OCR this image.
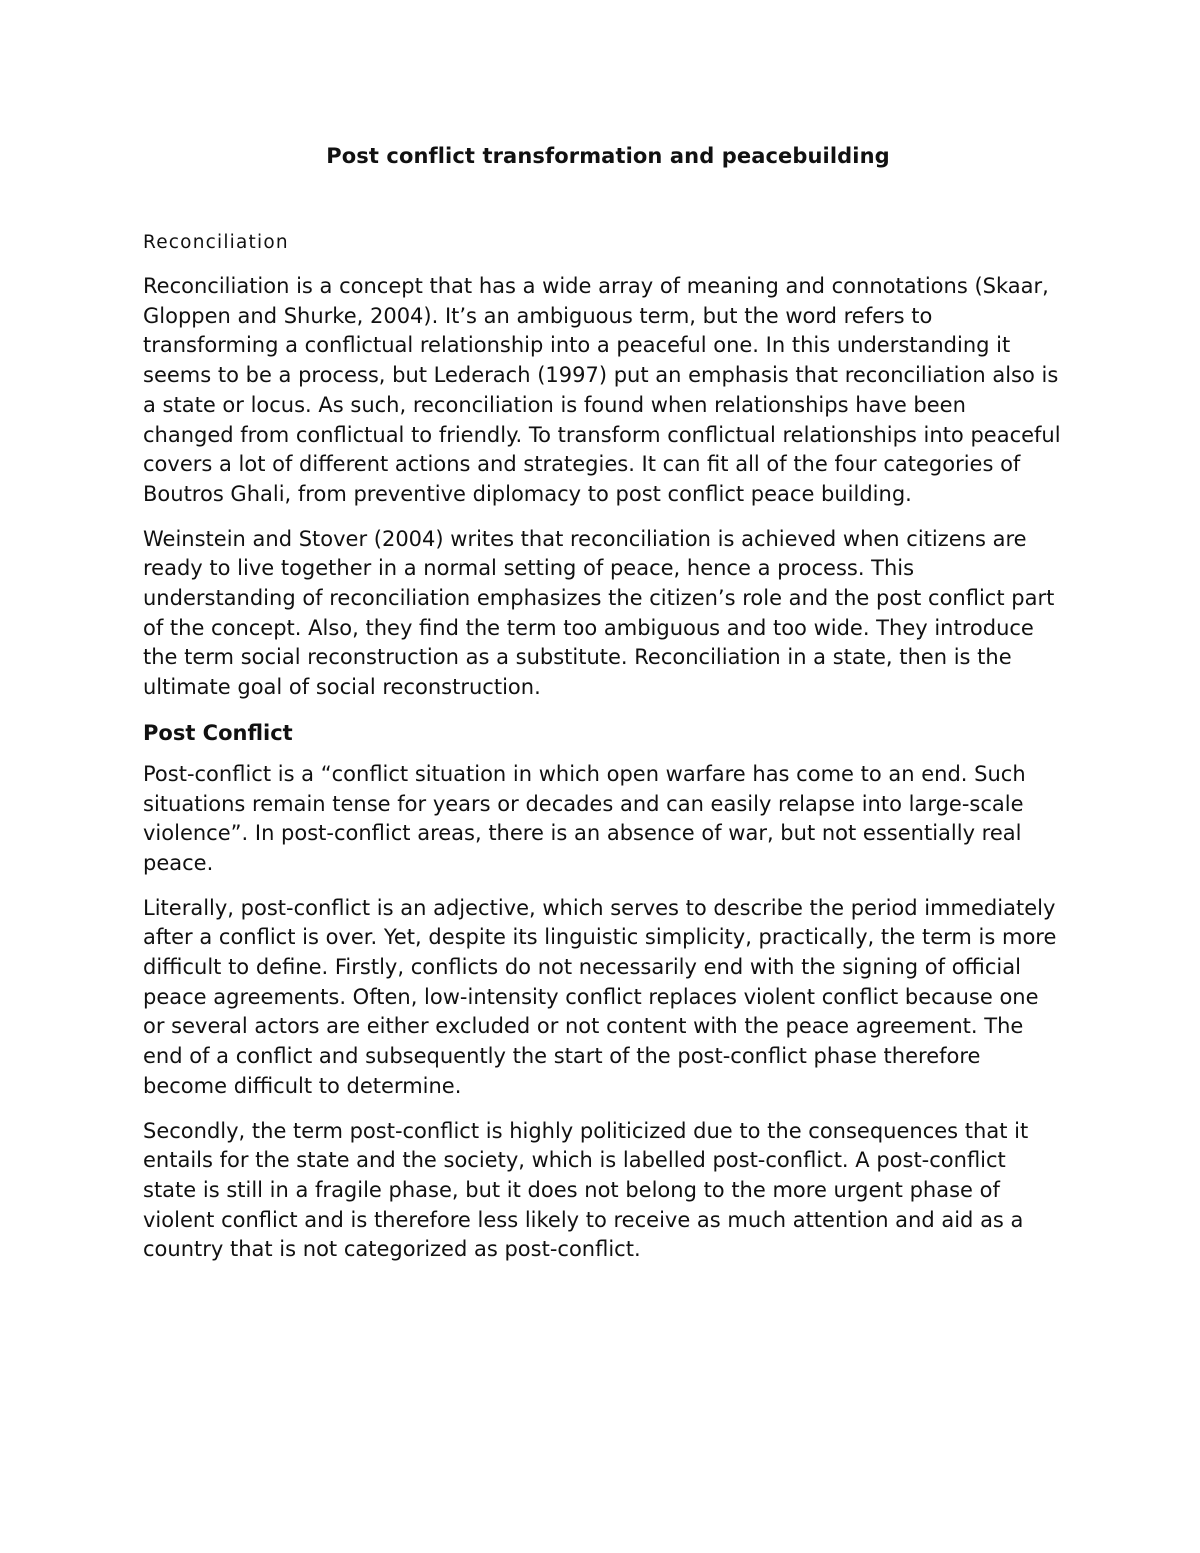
Post conflict transformation and peacebuilding
Reconciliation

Reconciliation is a concept that has a wide array of meaning and connotations (Skaar, Gloppen and Shurke, 2004). It’s an ambiguous term, but the word refers to transforming a conflictual relationship into a peaceful one. In this understanding it seems to be a process, but Lederach (1997) put an emphasis that reconciliation also is a state or locus. As such, reconciliation is found when relationships have been changed from conflictual to friendly. To transform conflictual relationships into peaceful covers a lot of different actions and strategies. It can fit all of the four categories of Boutros Ghali, from preventive diplomacy to post conflict peace building.

Weinstein and Stover (2004) writes that reconciliation is achieved when citizens are ready to live together in a normal setting of peace, hence a process. This understanding of reconciliation emphasizes the citizen’s role and the post conflict part of the concept. Also, they find the term too ambiguous and too wide. They introduce the term social reconstruction as a substitute. Reconciliation in a state, then is the ultimate goal of social reconstruction.

Post Conflict

Post-conflict is a “conflict situation in which open warfare has come to an end. Such situations remain tense for years or decades and can easily relapse into large-scale violence”. In post-conflict areas, there is an absence of war, but not essentially real peace.

Literally, post-conflict is an adjective, which serves to describe the period immediately after a conflict is over. Yet, despite its linguistic simplicity, practically, the term is more difficult to define. Firstly, conflicts do not necessarily end with the signing of official peace agreements. Often, low-intensity conflict replaces violent conflict because one or several actors are either excluded or not content with the peace agreement. The end of a conflict and subsequently the start of the post-conflict phase therefore become difficult to determine.

Secondly, the term post-conflict is highly politicized due to the consequences that it entails for the state and the society, which is labelled post-conflict. A post-conflict state is still in a fragile phase, but it does not belong to the more urgent phase of violent conflict and is therefore less likely to receive as much attention and aid as a country that is not categorized as post-conflict.
